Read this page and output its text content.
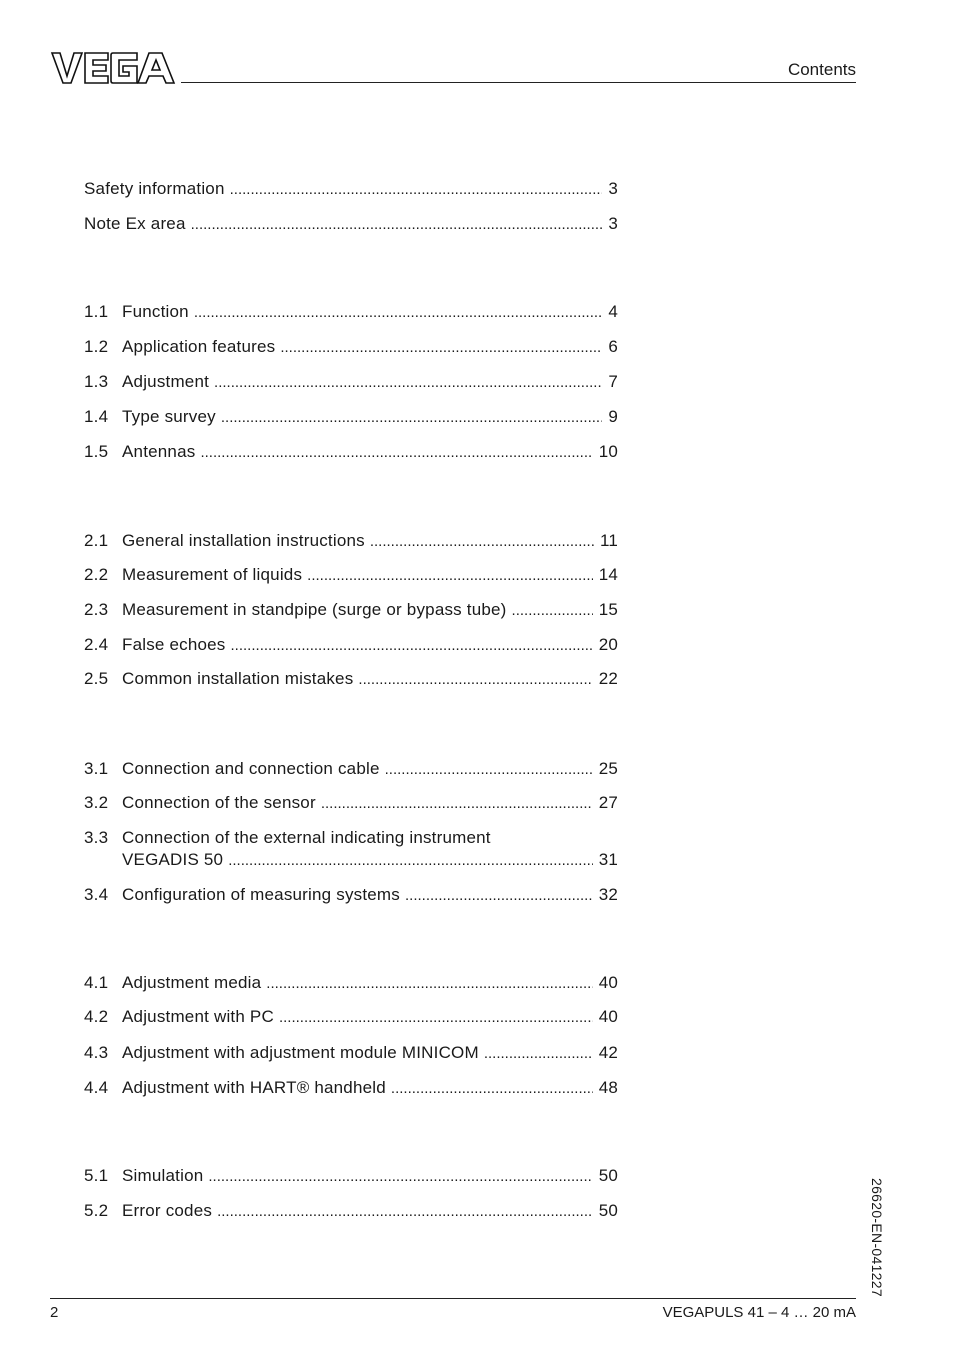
Contents
Safety information .....	3
Note Ex area .....	3
1.1 Function .....	4
1.2 Application features .....	6
1.3 Adjustment .....	7
1.4 Type survey .....	9
1.5 Antennas .....	10
2.1 General installation instructions .....	11
2.2 Measurement of liquids .....	14
2.3 Measurement in standpipe (surge or bypass tube) .....	15
2.4 False echoes .....	20
2.5 Common installation mistakes .....	22
3.1 Connection and connection cable .....	25
3.2 Connection of the sensor .....	27
3.3 Connection of the external indicating instrument
VEGADIS 50 .....	31
3.4 Configuration of measuring systems .....	32
4.1 Adjustment media .....	40
4.2 Adjustment with PC .....	40
4.3 Adjustment with adjustment module MINICOM .....	42
4.4 Adjustment with HART® handheld .....	48
5.1 Simulation .....	50
5.2 Error codes .....	50	26620-EN-041227
2	VEGAPULS 41 – 4 … 20 mA
